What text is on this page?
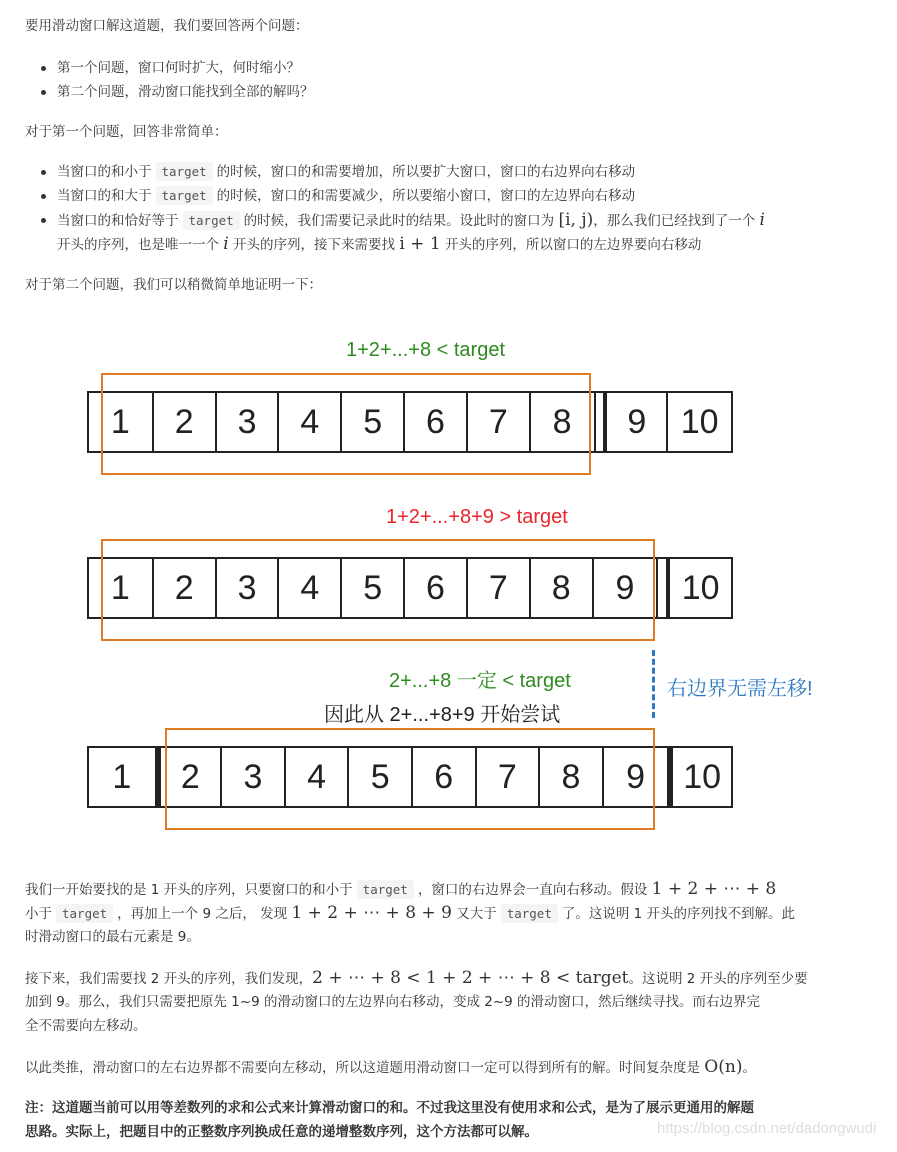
要用滑动窗口解这道题，我们要回答两个问题：

第一个问题，窗口何时扩大，何时缩小？

第二个问题，滑动窗口能找到全部的解吗？

对于第一个问题，回答非常简单：

当窗口的和小于 target 的时候，窗口的和需要增加，所以要扩大窗口，窗口的右边界向右移动

当窗口的和大于 target 的时候，窗口的和需要减少，所以要缩小窗口，窗口的左边界向右移动

当窗口的和恰好等于 target 的时候，我们需要记录此时的结果。设此时的窗口为 [i, j)，那么我们已经找到了一个 i

开头的序列，也是唯一一个 i 开头的序列，接下来需要找 i + 1 开头的序列，所以窗口的左边界要向右移动

对于第二个问题，我们可以稍微简单地证明一下：

1+2+...+8 < target
1	2	3	4	5	6	7	8	9	10
1+2+...+8+9 > target
1	2	3	4	5	6	7	8	9	10
2+...+8 一定 < target
因此从 2+...+8+9 开始尝试
右边界无需左移!
1	2	3	4	5	6	7	8	9	10

我们一开始要找的是 1 开头的序列，只要窗口的和小于 target ，窗口的右边界会一直向右移动。假设 1 + 2 + ⋯ + 8

小于 target ，再加上一个 9 之后， 发现 1 + 2 + ⋯ + 8 + 9 又大于 target 了。这说明 1 开头的序列找不到解。此

时滑动窗口的最右元素是 9。

接下来，我们需要找 2 开头的序列，我们发现，2 + ⋯ + 8 < 1 + 2 + ⋯ + 8 < target。这说明 2 开头的序列至少要

加到 9。那么，我们只需要把原先 1~9 的滑动窗口的左边界向右移动，变成 2~9 的滑动窗口，然后继续寻找。而右边界完

全不需要向左移动。

以此类推，滑动窗口的左右边界都不需要向左移动，所以这道题用滑动窗口一定可以得到所有的解。时间复杂度是 O(n)。

注：这道题当前可以用等差数列的求和公式来计算滑动窗口的和。不过我这里没有使用求和公式，是为了展示更通用的解题

思路。实际上，把题目中的正整数序列换成任意的递增整数序列，这个方法都可以解。	https://blog.csdn.net/dadongwudi
